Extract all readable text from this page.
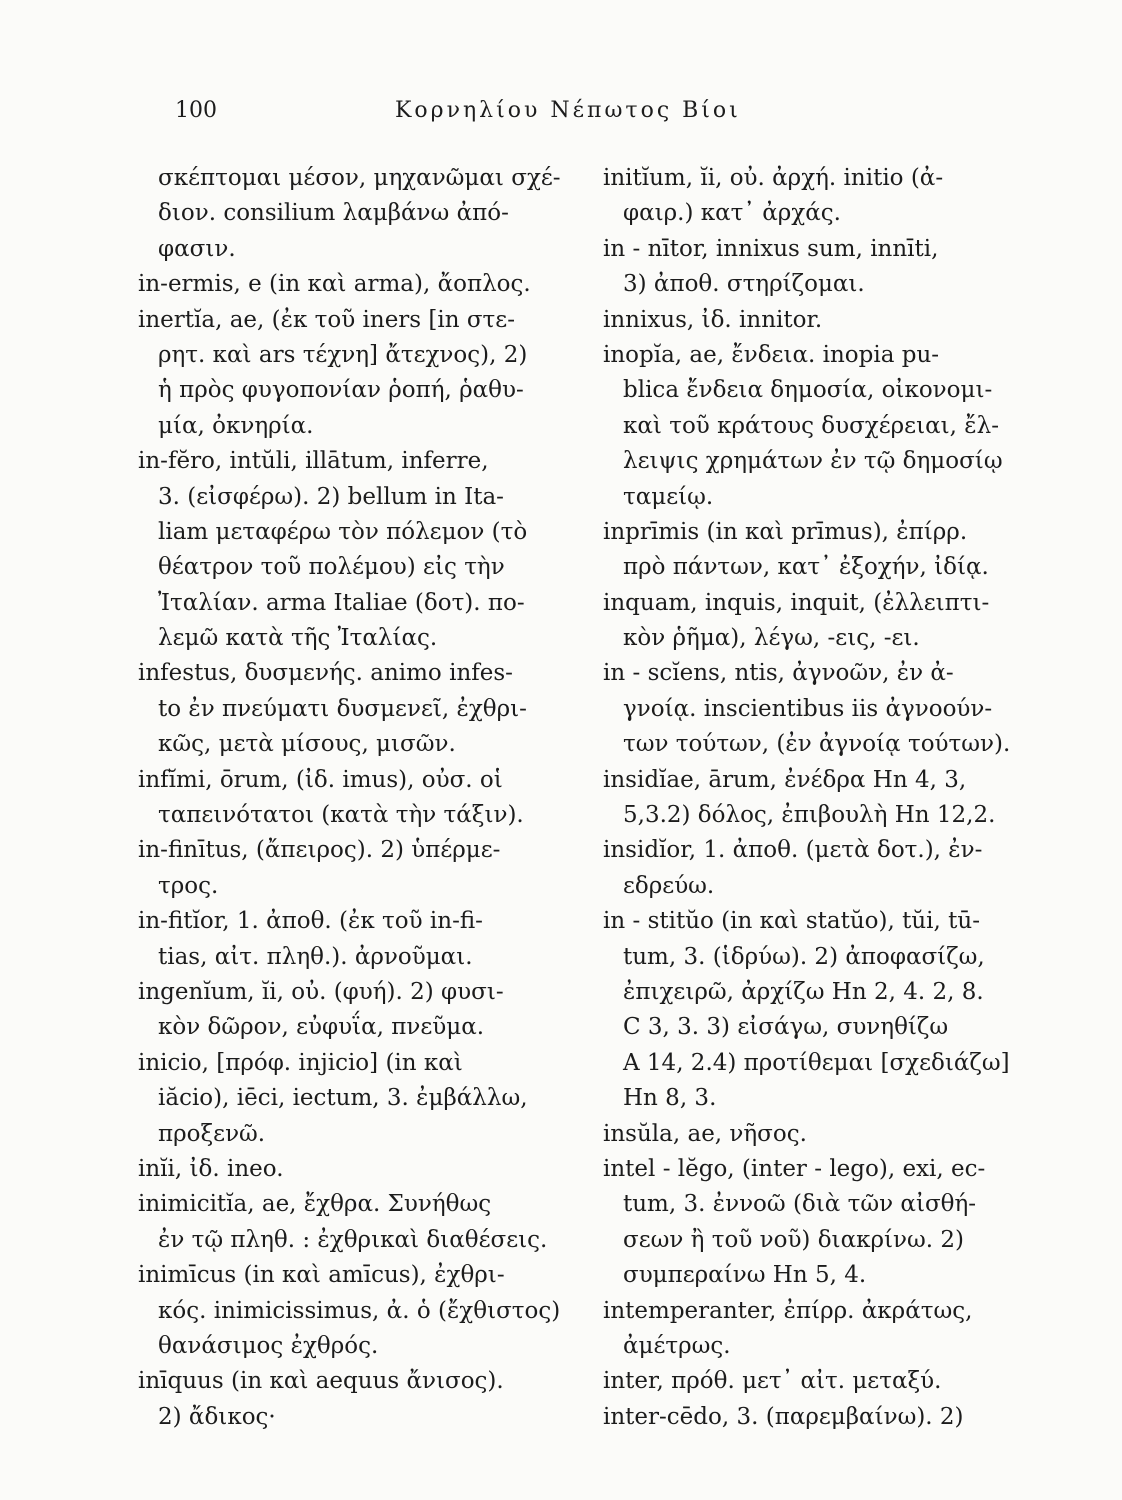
100	Κορνηλίου Νέπωτος Βίοι
σκέπτομαι μέσον, μηχανῶμαι σχέ-
διον. consilium λαμβάνω ἀπό-
φασιν.
in-ermis, e (in καὶ arma), ἄοπλος.
inertĭa, ae, (ἐκ τοῦ iners [in στε-
ρητ. καὶ ars τέχνη] ἄτεχνος), 2)
ἡ πρὸς φυγοπονίαν ῥοπή, ῥαθυ-
μία, ὀκνηρία.
in-fĕro, intŭli, illātum, inferre,
3. (εἰσφέρω). 2) bellum in Ita-
liam μεταφέρω τὸν πόλεμον (τὸ
θέατρον τοῦ πολέμου) εἰς τὴν
Ἰταλίαν. arma Italiae (δοτ). πο-
λεμῶ κατὰ τῆς Ἰταλίας.
infestus, δυσμενής. animo infes-
to ἐν πνεύματι δυσμενεῖ, ἐχθρι-
κῶς, μετὰ μίσους, μισῶν.
infĭmi, ōrum, (ἰδ. imus), οὐσ. οἱ
ταπεινότατοι (κατὰ τὴν τάξιν).
in-finītus, (ἄπειρος). 2) ὑπέρμε-
τρος.
in-fitĭor, 1. ἀποθ. (ἐκ τοῦ in-fi-
tias, αἰτ. πληθ.). ἀρνοῦμαι.
ingenĭum, ĭi, οὐ. (φυή). 2) φυσι-
κὸν δῶρον, εὐφυΐα, πνεῦμα.
inicio, [πρόφ. injicio] (in καὶ
iăcio), iēci, iectum, 3. ἐμβάλλω,
προξενῶ.
inĭi, ἰδ. ineo.
inimicitĭa, ae, ἔχθρα. Συνήθως
ἐν τῷ πληθ. : ἐχθρικαὶ διαθέσεις.
inimīcus (in καὶ amīcus), ἐχθρι-
κός. inimicissimus, ἀ. ὁ (ἔχθιστος)
θανάσιμος ἐχθρός.
inīquus (in καὶ aequus ἄνισος).
2) ἄδικος·
initĭum, ĭi, οὐ. ἀρχή. initio (ἀ-
φαιρ.) κατ᾽ ἀρχάς.
in - nītor, innixus sum, innīti,
3) ἀποθ. στηρίζομαι.
innixus, ἰδ. innitor.
inopĭa, ae, ἔνδεια. inopia pu-
blica ἔνδεια δημοσία, οἰκονομι-
καὶ τοῦ κράτους δυσχέρειαι, ἔλ-
λειψις χρημάτων ἐν τῷ δημοσίῳ
ταμείῳ.
inprīmis (in καὶ prīmus), ἐπίρρ.
πρὸ πάντων, κατ᾽ ἐξοχήν, ἰδίᾳ.
inquam, inquis, inquit, (ἐλλειπτι-
κὸν ῥῆμα), λέγω, -εις, -ει.
in - scĭens, ntis, ἀγνοῶν, ἐν ἀ-
γνοίᾳ. inscientibus iis ἀγνοούν-
των τούτων, (ἐν ἀγνοίᾳ τούτων).
insidĭae, ārum, ἐνέδρα Hn 4, 3,
5,3.2) δόλος, ἐπιβουλὴ Hn 12,2.
insidĭor, 1. ἀποθ. (μετὰ δοτ.), ἐν-
εδρεύω.
in - stitŭo (in καὶ statŭo), tŭi, tū-
tum, 3. (ἱδρύω). 2) ἀποφασίζω,
ἐπιχειρῶ, ἀρχίζω Hn 2, 4. 2, 8.
C 3, 3. 3) εἰσάγω, συνηθίζω
A 14, 2.4) προτίθεμαι [σχεδιάζω]
Hn 8, 3.
insŭla, ae, νῆσος.
intel - lĕgo, (inter - lego), exi, ec-
tum, 3. ἐννοῶ (διὰ τῶν αἰσθή-
σεων ἢ τοῦ νοῦ) διακρίνω. 2)
συμπεραίνω Hn 5, 4.
intemperanter, ἐπίρρ. ἀκράτως,
ἀμέτρως.
inter, πρόθ. μετ᾽ αἰτ. μεταξύ.
inter-cēdo, 3. (παρεμβαίνω). 2)
